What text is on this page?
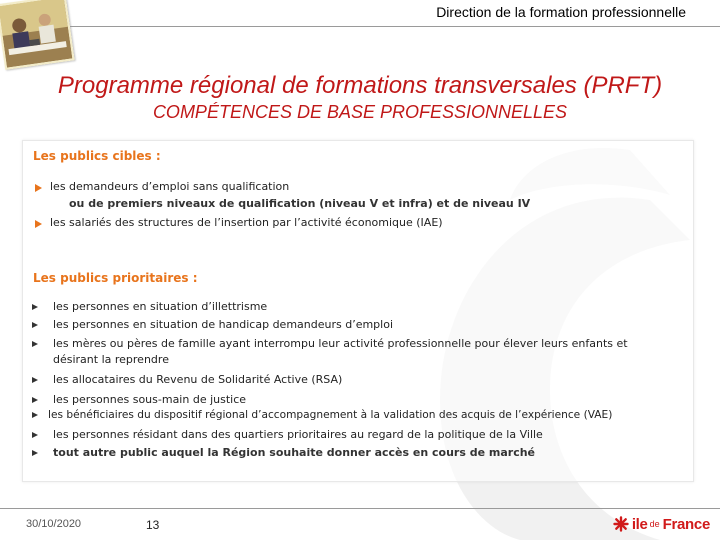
Direction de la formation professionnelle
Programme régional de formations transversales (PRFT)
COMPÉTENCES DE BASE PROFESSIONNELLES
Les publics cibles :
les demandeurs d’emploi sans qualification
ou de premiers niveaux de qualification (niveau V et infra) et de niveau IV
les salariés des structures de l’insertion par l’activité économique (IAE)
Les publics prioritaires :
les personnes en situation d’illettrisme
les personnes en situation de handicap demandeurs d’emploi
les mères ou pères de famille ayant interrompu leur activité professionnelle pour élever leurs enfants et
désirant la reprendre
les allocataires du Revenu de Solidarité Active (RSA)
les personnes sous-main de justice
les bénéficiaires du dispositif régional d’accompagnement à la validation des acquis de l’expérience (VAE)
les personnes résidant dans des quartiers prioritaires au regard de la politique de la Ville
tout autre public auquel la Région souhaite donner accès en cours de marché
30/10/2020	13	ile de France
